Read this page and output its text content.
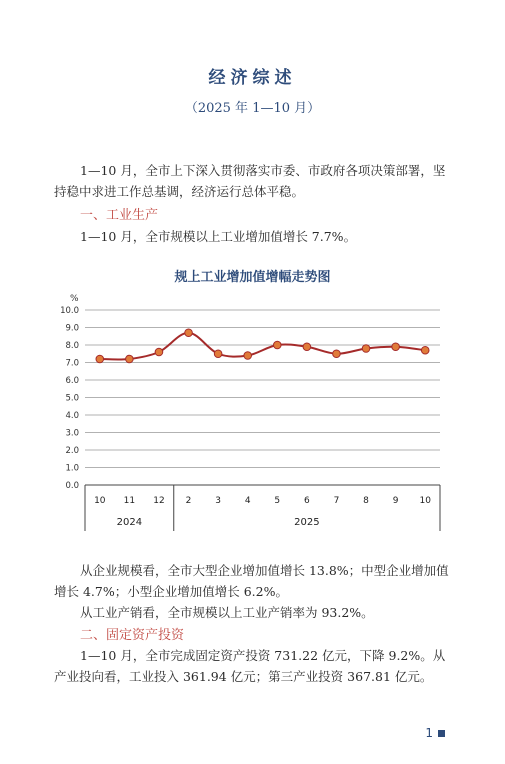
经济综述
（2025 年 1—10 月）

1—10 月，全市上下深入贯彻落实市委、市政府各项决策部署，坚持稳中求进工作总基调，经济运行总体平稳。

一、工业生产

1—10 月，全市规模以上工业增加值增长 7.7%。

规上工业增加值增幅走势图
%
0.0
1.0
2.0
3.0
4.0
5.0
6.0
7.0
8.0
9.0
10.0
10 11 12 2	3	4	5	6	7	8	9 10
2024	2025

从企业规模看，全市大型企业增加值增长 13.8%；中型企业增加值增长 4.7%；小型企业增加值增长 6.2%。

从工业产销看，全市规模以上工业产销率为 93.2%。

二、固定资产投资

1—10 月，全市完成固定资产投资 731.22 亿元，下降 9.2%。从产业投向看，工业投入 361.94 亿元；第三产业投资 367.81 亿元。

1
